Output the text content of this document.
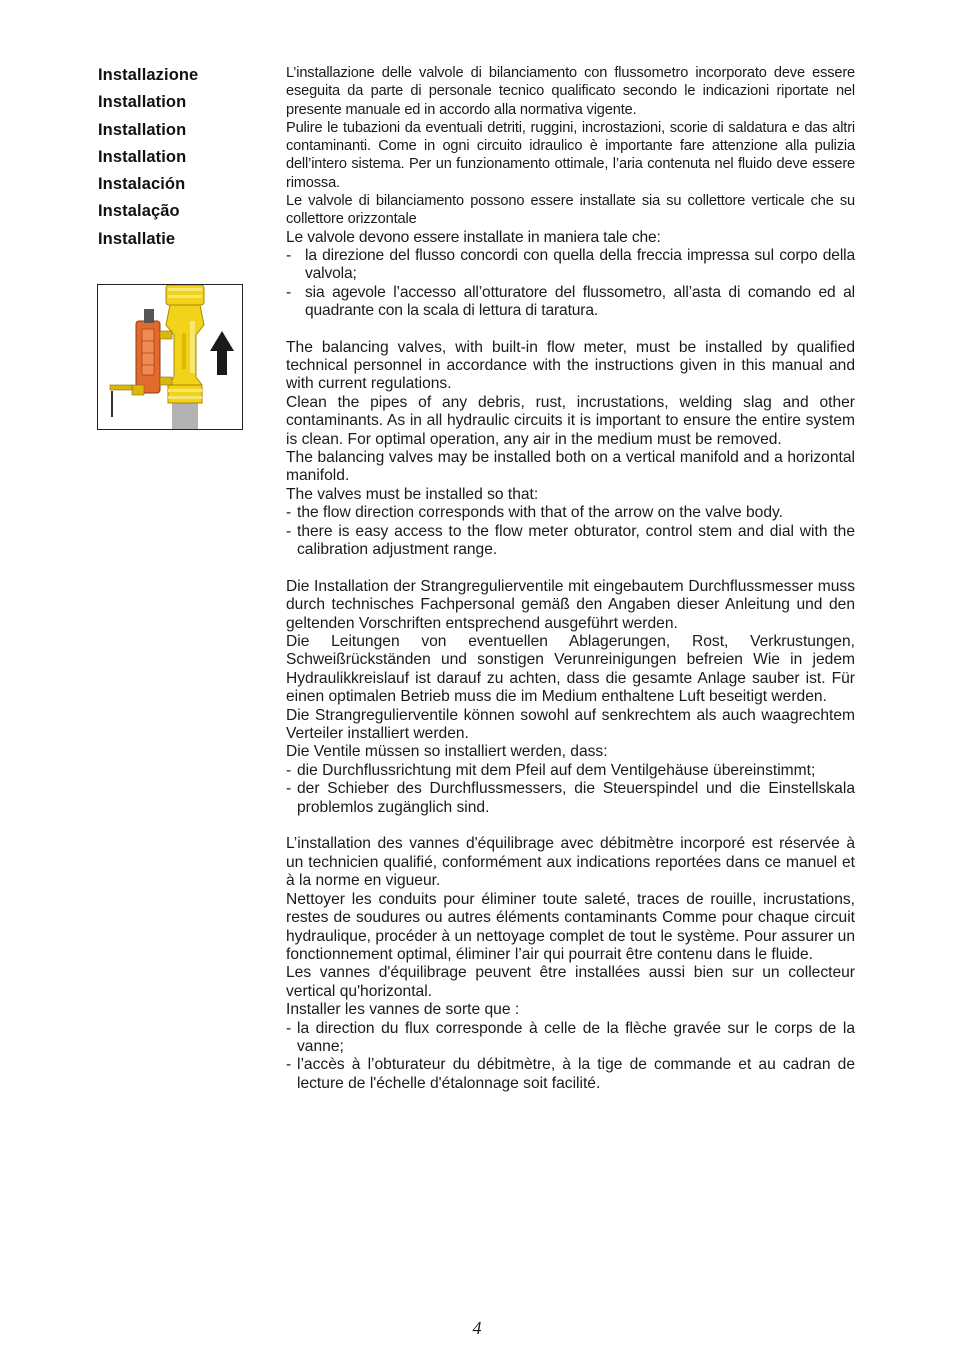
Installazione

Installation

Installation

Installation

Instalación

Instalação

Installatie

L’installazione delle valvole di bilanciamento con flussometro incorporato deve essere eseguita da parte di personale tecnico qualificato secondo le indicazioni riportate nel presente manuale ed in accordo alla normativa vigente.

Pulire le tubazioni da eventuali detriti, ruggini, incrostazioni, scorie di saldatura e das altri contaminanti. Come in ogni circuito idraulico è importante fare attenzione alla pulizia dell’intero sistema. Per un funzionamento ottimale, l’aria contenuta nel fluido deve essere rimossa.

Le valvole di bilanciamento possono essere installate sia su collettore verticale che su collettore orizzontale

Le valvole devono essere installate in maniera tale che:

- la direzione del flusso concordi con quella della freccia impressa sul corpo della valvola;
- sia agevole l’accesso all’otturatore del flussometro, all’asta di comando ed al quadrante con la scala di lettura di taratura.

The balancing valves, with built-in flow meter, must be installed by qualified technical personnel in accordance with the instructions given in this manual and with current regulations.

Clean the pipes of any debris, rust, incrustations, welding slag and other contaminants. As in all hydraulic circuits it is important to ensure the entire system is clean. For optimal operation, any air in the medium must be removed.

The balancing valves may be installed both on a vertical manifold and a horizontal manifold.

The valves must be installed so that:

- the flow direction corresponds with that of the arrow on the valve body.
- there is easy access to the flow meter obturator, control stem and dial with the calibration adjustment range.

Die Installation der Strangregulierventile mit eingebautem Durchflussmesser muss durch technisches Fachpersonal gemäß den Angaben dieser Anleitung und den geltenden Vorschriften entsprechend ausgeführt werden.

Die Leitungen von eventuellen Ablagerungen, Rost, Verkrustungen, Schweißrückständen und sonstigen Verunreinigungen befreien Wie in jedem Hydraulikkreislauf ist darauf zu achten, dass die gesamte Anlage sauber ist. Für einen optimalen Betrieb muss die im Medium enthaltene Luft beseitigt werden.

Die Strangregulierventile können sowohl auf senkrechtem als auch waagrechtem Verteiler installiert werden.

Die Ventile müssen so installiert werden, dass:

- die Durchflussrichtung mit dem Pfeil auf dem Ventilgehäuse übereinstimmt;
- der Schieber des Durchflussmessers, die Steuerspindel und die Einstellskala problemlos zugänglich sind.

L’installation des vannes d'équilibrage avec débitmètre incorporé est réservée à un technicien qualifié, conformément aux indications reportées dans ce manuel et à la norme en vigueur.

Nettoyer les conduits pour éliminer toute saleté, traces de rouille, incrustations, restes de soudures ou autres éléments contaminants Comme pour chaque circuit hydraulique, procéder à un nettoyage complet de tout le système. Pour assurer un fonctionnement optimal, éliminer l’air qui pourrait être contenu dans le fluide.

Les vannes d'équilibrage peuvent être installées aussi bien sur un collecteur vertical qu'horizontal.

Installer les vannes de sorte que :

- la direction du flux corresponde à celle de la flèche gravée sur le corps de la vanne;
- l’accès à l’obturateur du débitmètre, à la tige de commande et au cadran de lecture de l'échelle d'étalonnage soit facilité.
4
